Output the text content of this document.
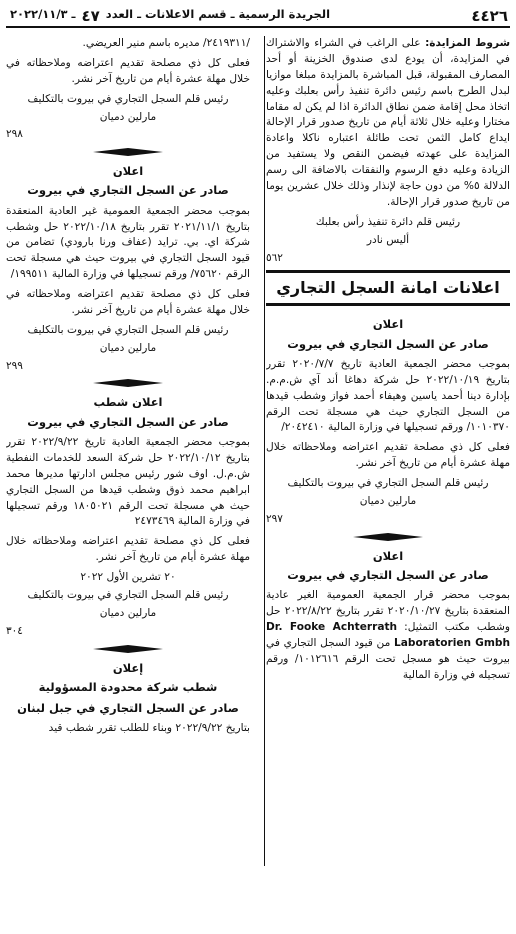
٤٤٢٦
الجريدة الرسمية ـ قسم الاعلانات ـ العدد
٤٧
ـ ٢٠٢٢/١١/٣

شروط المزايدة: على الراغب في الشراء والاشتراك في المزايدة، أن يودع لدى صندوق الخزينة أو أحد المصارف المقبولة، قبل المباشرة بالمزايدة مبلغا موازيا لبدل الطرح باسم رئيس دائرة تنفيذ رأس بعلبك وعليه اتخاذ محل إقامة ضمن نطاق الدائرة اذا لم يكن له مقاما مختارا وعليه خلال ثلاثة أيام من تاريخ صدور قرار الإحالة ايداع كامل الثمن تحت طائلة اعتباره ناكلا واعادة المزايدة على عهدته فيضمن النقص ولا يستفيد من الزيادة وعليه دفع الرسوم والنفقات بالاضافة الى رسم الدلالة ٥% من دون حاجة لإنذار وذلك خلال عشرين يوما من تاريخ صدور قرار الإحالة.

رئيس قلم دائرة تنفيذ رأس بعلبك

أليس نادر

٥٦٢

اعلانات امانة السجل التجاري

اعلان

صادر عن السجل التجاري في بيروت

بموجب محضر الجمعية العادية تاريخ ٢٠٢٠/٧/٧ تقرر بتاريخ ٢٠٢٢/١٠/١٩ حل شركة دهاغا أند آي ش.م.م. بإدارة دينا أحمد ياسين وهيفاء أحمد فواز وشطب قيدها من السجل التجاري حيث هي مسجلة تحت الرقم ١٠١٠٣٧٠/ ورقم تسجيلها في وزارة المالية ٢٠٤٢٤١٠/

فعلى كل ذي مصلحة تقديم اعتراضه وملاحظاته خلال مهلة عشرة أيام من تاريخ آخر نشر.

رئيس قلم السجل التجاري في بيروت بالتكليف

مارلين دميان

٢٩٧

اعلان

صادر عن السجل التجاري في بيروت

بموجب محضر قرار الجمعية العمومية الغير عادية المنعقدة بتاريخ ٢٠٢٠/١٠/٢٧ تقرر بتاريخ ٢٠٢٢/٨/٢٢ حل وشطب مكتب التمثيل: Dr. Fooke Achterrath Laboratorien Gmbh من قيود السجل التجاري في بيروت حيث هو مسجل تحت الرقم ١٠١٢٦١٦/ ورقم تسجيله في وزارة المالية

/٢٤١٩٣١١/ مديره باسم منير العريضي.

فعلى كل ذي مصلحة تقديم اعتراضه وملاحظاته في خلال مهلة عشرة أيام من تاريخ آخر نشر.

رئيس قلم السجل التجاري في بيروت بالتكليف

مارلين دميان

٢٩٨

اعلان

صادر عن السجل التجاري في بيروت

بموجب محضر الجمعية العمومية غير العادية المنعقدة بتاريخ ٢٠٢١/١١/١ تقرر بتاريخ ٢٠٢٢/١٠/١٨ حل وشطب شركة اي. بي. ترايد (عفاف ورنا بارودي) تضامن من قيود السجل التجاري في بيروت حيث هي مسجلة تحت الرقم ٧٥٦٢٠/ ورقم تسجيلها في وزارة المالية ١٩٩٥١١/

فعلى كل ذي مصلحة تقديم اعتراضه وملاحظاته في خلال مهلة عشرة أيام من تاريخ آخر نشر.

رئيس قلم السجل التجاري في بيروت بالتكليف

مارلين دميان

٢٩٩

اعلان شطب

صادر عن السجل التجاري في بيروت

بموجب محضر الجمعية العادية تاريخ ٢٠٢٢/٩/٢٢ تقرر بتاريخ ٢٠٢٢/١٠/١٢ حل شركة السعد للخدمات النفطية ش.م.ل. اوف شور رئيس مجلس ادارتها مديرها محمد ابراهيم محمد ذوق وشطب قيدها من السجل التجاري حيث هي مسجلة تحت الرقم ١٨٠٥٠٢١ ورقم تسجيلها في وزارة المالية ٢٤٧٣٤٦٩

فعلى كل ذي مصلحة تقديم اعتراضه وملاحظاته خلال مهلة عشرة أيام من تاريخ آخر نشر.

٢٠ تشرين الأول ٢٠٢٢

رئيس قلم السجل التجاري في بيروت بالتكليف

مارلين دميان

٣٠٤

إعلان

شطب شركة محدودة المسؤولية

صادر عن السجل التجاري في جبل لبنان

بتاريخ ٢٠٢٢/٩/٢٢ وبناء للطلب تقرر شطب قيد
